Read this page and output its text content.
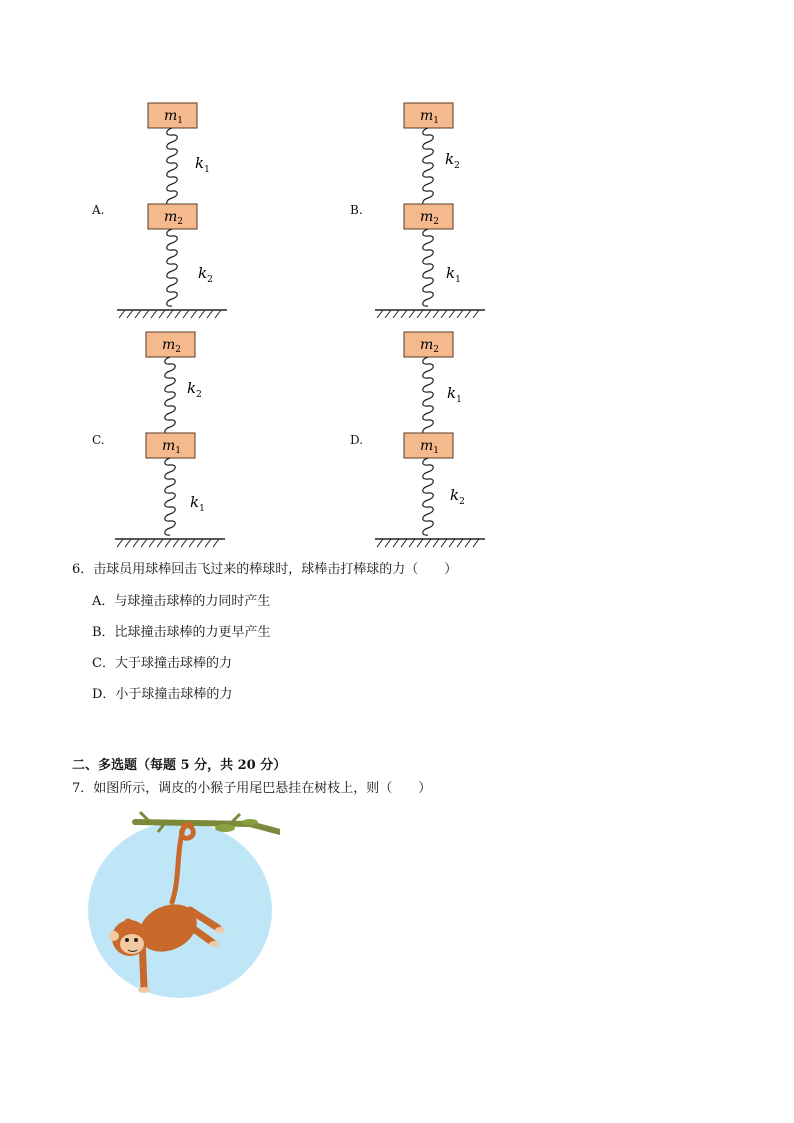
A.	B.
C.	D.
$m_1$
$k_1$
$m_2$
$k_2$
$m_1$
$k_2$
$m_2$
$k_1$
$m_2$
$k_2$
$m_1$
$k_1$
$m_2$
$k_1$
$m_1$
$k_2$
6．击球员用球棒回击飞过来的棒球时，球棒击打棒球的力（　　）
A．与球撞击球棒的力同时产生
B．比球撞击球棒的力更早产生
C．大于球撞击球棒的力
D．小于球撞击球棒的力
二、多选题（每题 5 分，共 20 分）
7．如图所示，调皮的小猴子用尾巴悬挂在树枝上，则（　　）
